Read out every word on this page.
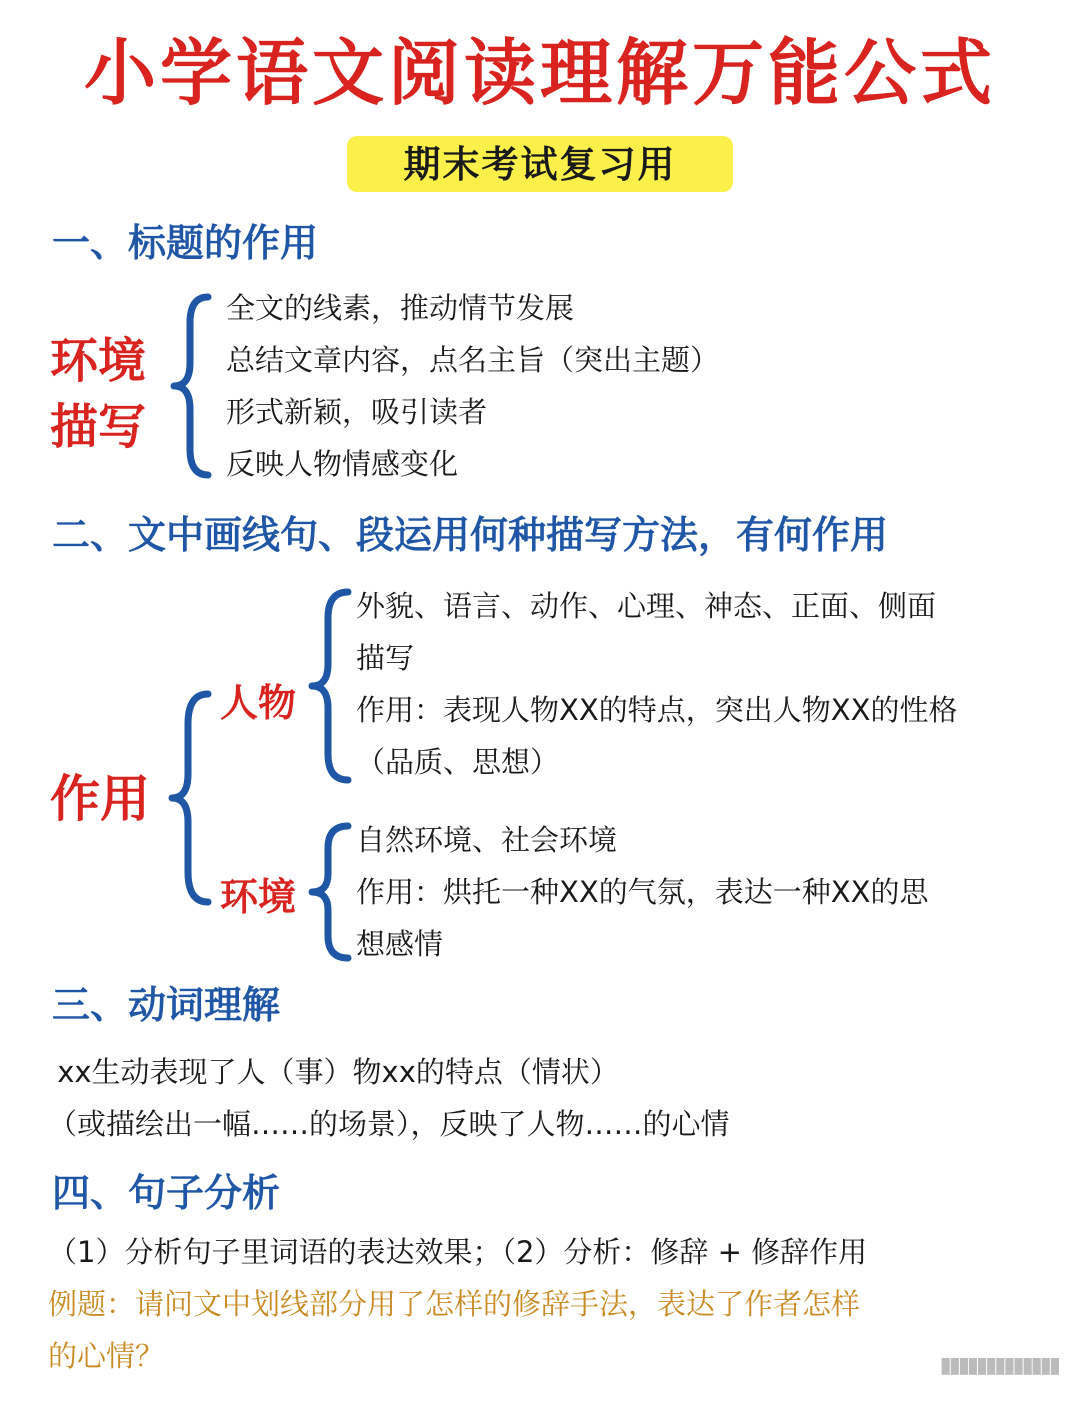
小学语文阅读理解万能公式
期末考试复习用
一、标题的作用
环境
描写
全文的线素，推动情节发展
总结文章内容，点名主旨（突出主题）
形式新颖，吸引读者
反映人物情感变化
二、文中画线句、段运用何种描写方法，有何作用
作用
人物
环境
外貌、语言、动作、心理、神态、正面、侧面
描写
作用：表现人物XX的特点，突出人物XX的性格
（品质、思想）
自然环境、社会环境
作用：烘托一种XX的气氛，表达一种XX的思
想感情
三、动词理解
xx生动表现了人（事）物xx的特点（情状）
（或描绘出一幅……的场景），反映了人物……的心情
四、句子分析
（1）分析句子里词语的表达效果；（2）分析：修辞 + 修辞作用
例题：请问文中划线部分用了怎样的修辞手法，表达了作者怎样
的心情？	▮▮▮▮▮▮▮▮▮▮▮▮▮
